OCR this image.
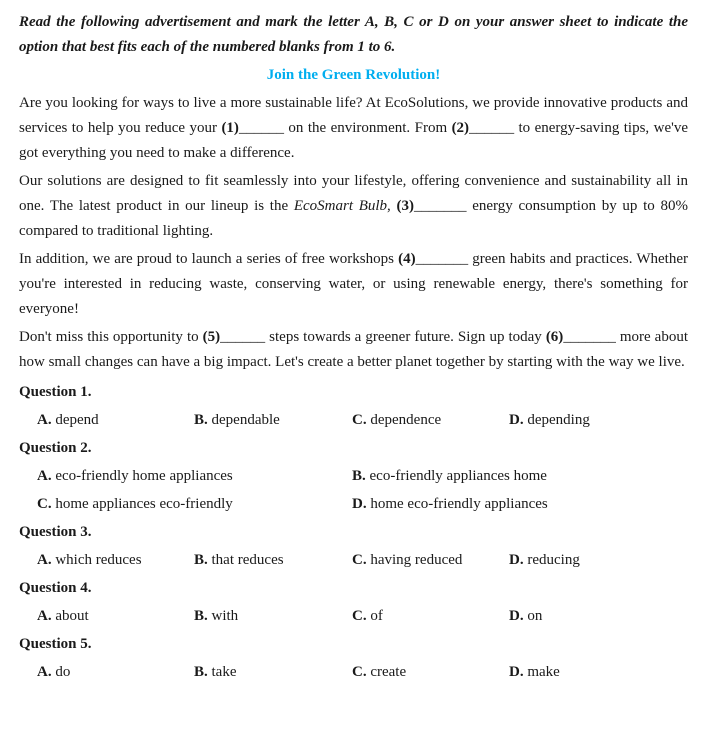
Read the following advertisement and mark the letter A, B, C or D on your answer sheet to indicate the option that best fits each of the numbered blanks from 1 to 6.

Join the Green Revolution!

Are you looking for ways to live a more sustainable life? At EcoSolutions, we provide innovative products and services to help you reduce your (1)______ on the environment. From (2)______ to energy-saving tips, we've got everything you need to make a difference.

Our solutions are designed to fit seamlessly into your lifestyle, offering convenience and sustainability all in one. The latest product in our lineup is the EcoSmart Bulb, (3)_______ energy consumption by up to 80% compared to traditional lighting.

In addition, we are proud to launch a series of free workshops (4)_______ green habits and practices. Whether you're interested in reducing waste, conserving water, or using renewable energy, there's something for everyone!

Don't miss this opportunity to (5)______ steps towards a greener future. Sign up today (6)_______ more about how small changes can have a big impact. Let's create a better planet together by starting with the way we live.

Question 1.
A. depend	B. dependable	C. dependence	D. depending
Question 2.
A. eco-friendly home appliances	B. eco-friendly appliances home
C. home appliances eco-friendly	D. home eco-friendly appliances
Question 3.
A. which reduces	B. that reduces	C. having reduced	D. reducing
Question 4.
A. about	B. with	C. of	D. on
Question 5.
A. do	B. take	C. create	D. make
